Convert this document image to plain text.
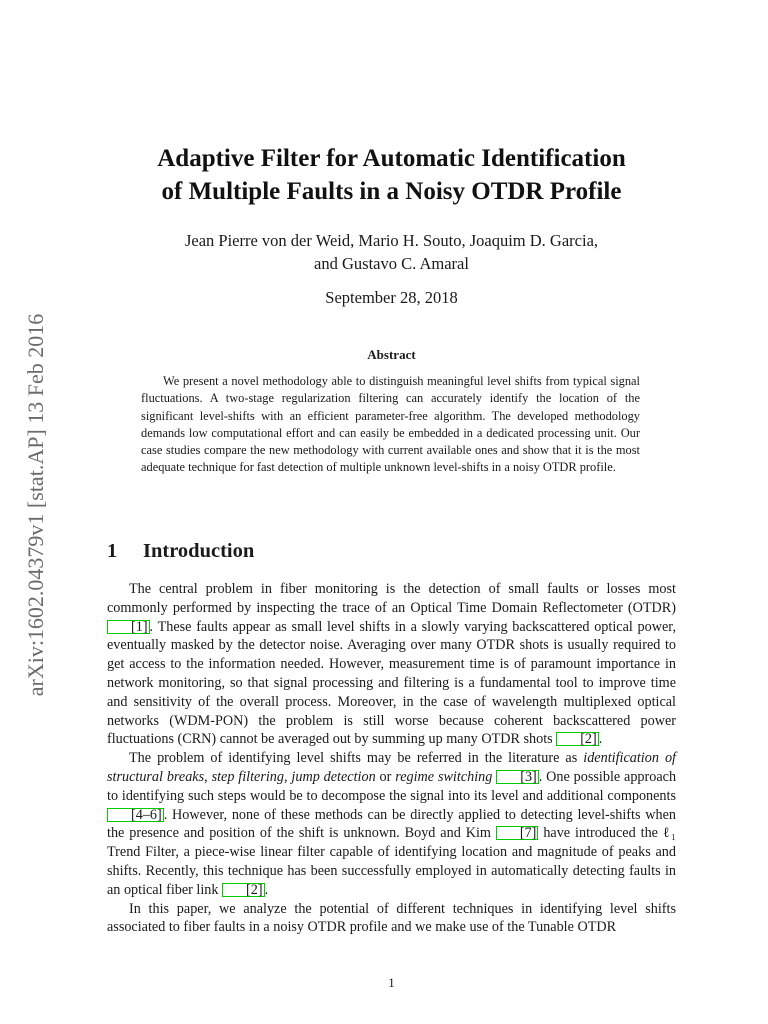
arXiv:1602.04379v1 [stat.AP] 13 Feb 2016
Adaptive Filter for Automatic Identification
of Multiple Faults in a Noisy OTDR Profile
Jean Pierre von der Weid, Mario H. Souto, Joaquim D. Garcia,
and Gustavo C. Amaral
September 28, 2018
Abstract
We present a novel methodology able to distinguish meaningful level shifts from typical signal fluctuations. A two-stage regularization filtering can accurately identify the location of the significant level-shifts with an efficient parameter-free algorithm. The developed methodology demands low computational effort and can easily be embedded in a dedicated processing unit. Our case studies compare the new methodology with current available ones and show that it is the most adequate technique for fast detection of multiple unknown level-shifts in a noisy OTDR profile.
1 Introduction

The central problem in fiber monitoring is the detection of small faults or losses most commonly performed by inspecting the trace of an Optical Time Domain Reflectometer (OTDR) [1] . These faults appear as small level shifts in a slowly varying backscattered optical power, eventually masked by the detector noise. Averaging over many OTDR shots is usually required to get access to the information needed. However, measurement time is of paramount importance in network monitoring, so that signal processing and filtering is a fundamental tool to improve time and sensitivity of the overall process. Moreover, in the case of wavelength multiplexed optical networks (WDM-PON) the problem is still worse because coherent backscattered power fluctuations (CRN) cannot be averaged out by summing up many OTDR shots [2] .

The problem of identifying level shifts may be referred in the literature as identification of structural breaks, step filtering, jump detection or regime switching [3] . One possible approach to identifying such steps would be to decompose the signal into its level and additional components [4–6] . However, none of these methods can be directly applied to detecting level-shifts when the presence and position of the shift is unknown. Boyd and Kim [7] have introduced the ℓ₁ Trend Filter, a piece-wise linear filter capable of identifying location and magnitude of peaks and shifts. Recently, this technique has been successfully employed in automatically detecting faults in an optical fiber link [2] .

In this paper, we analyze the potential of different techniques in identifying level shifts associated to fiber faults in a noisy OTDR profile and we make use of the Tunable OTDR

1
